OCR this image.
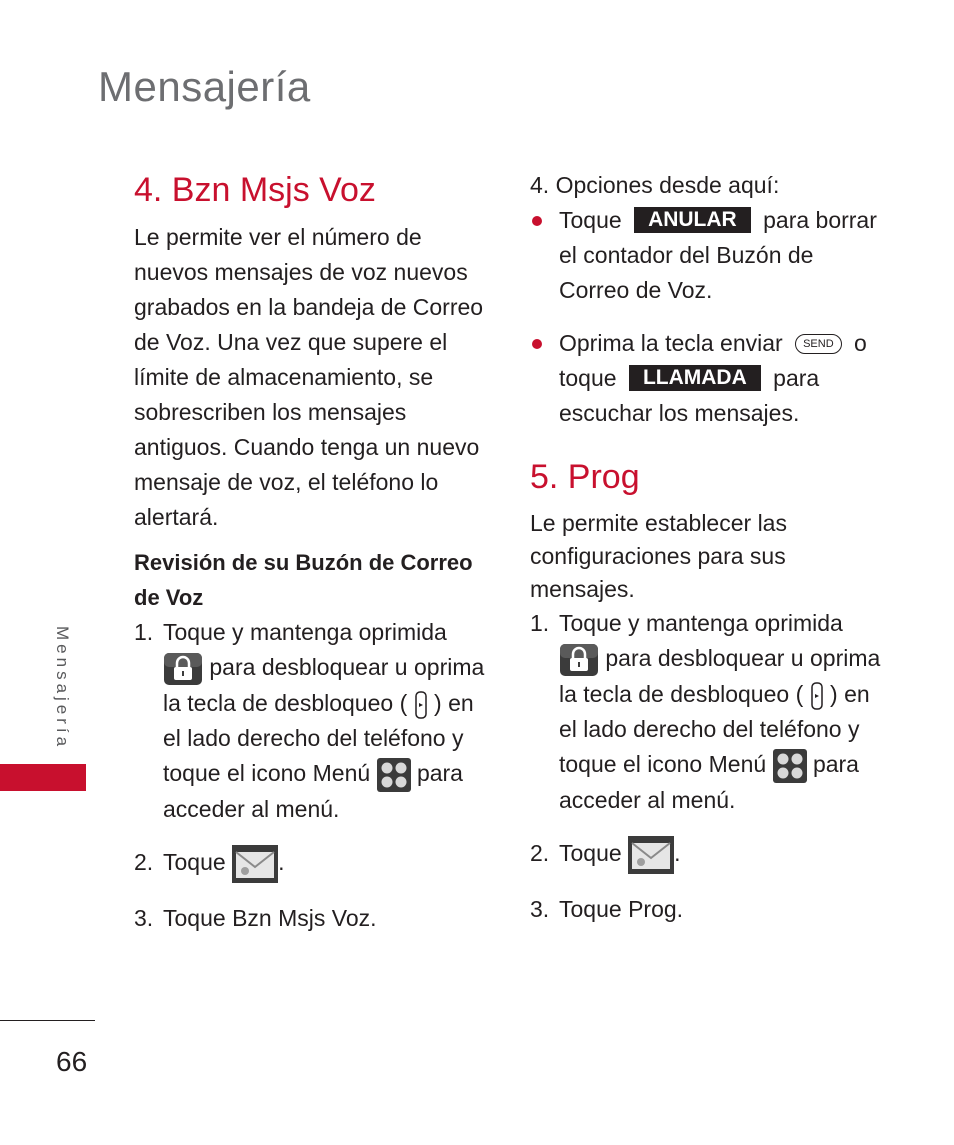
Mensajería
Mensajería
66
4. Bzn Msjs Voz

Le permite ver el número de nuevos mensajes de voz nuevos grabados en la bandeja de Correo de Voz. Una vez que supere el límite de almacenamiento, se sobrescriben los mensajes antiguos. Cuando tenga un nuevo mensaje de voz, el teléfono lo alertará.

Revisión de su Buzón de Correo de Voz

1. Toque y mantenga oprimida
para desbloquear u oprima la tecla de desbloqueo ( ) en el lado derecho del teléfono y toque el icono Menú para acceder al menú.
2. Toque .
3. Toque Bzn Msjs Voz.

4. Opciones desde aquí:

Toque ANULAR para borrar el contador del Buzón de Correo de Voz.
Oprima la tecla enviar SEND o toque LLAMADA para escuchar los mensajes.
5. Prog

Le permite establecer las configuraciones para sus mensajes.

1. Toque y mantenga oprimida
para desbloquear u oprima la tecla de desbloqueo ( ) en el lado derecho del teléfono y toque el icono Menú para acceder al menú.
2. Toque .
3. Toque Prog.
